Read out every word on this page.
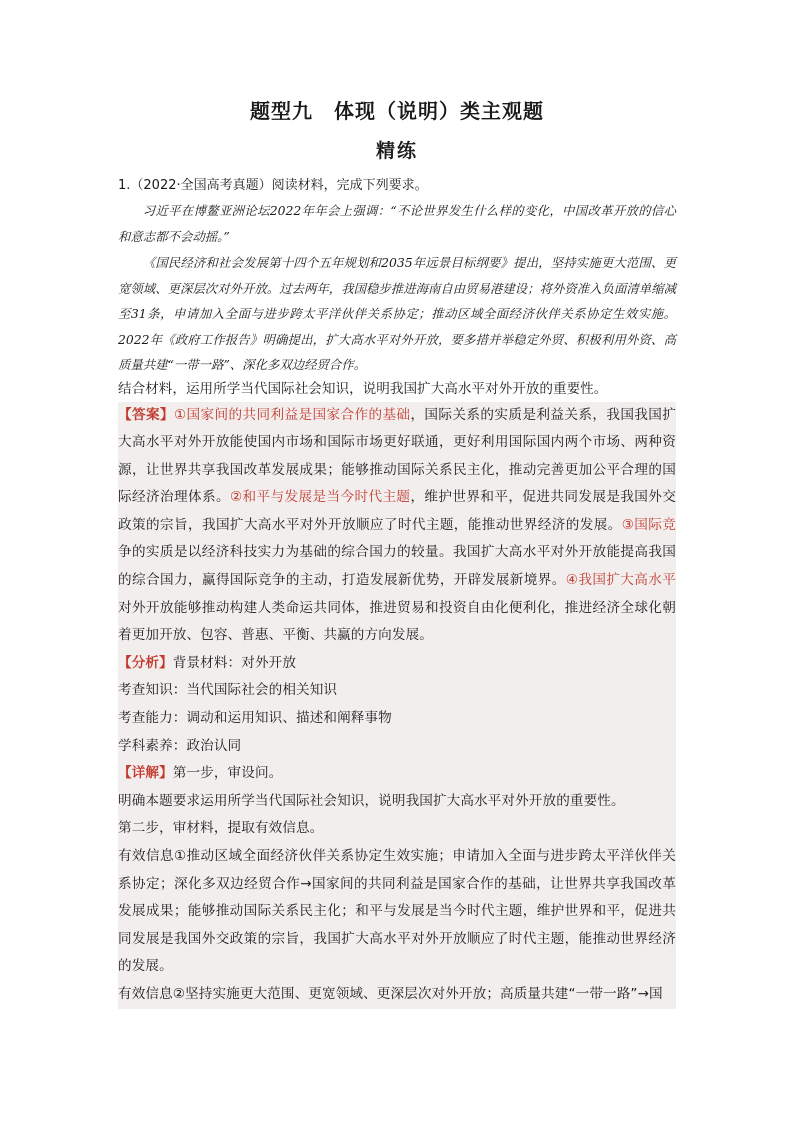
题型九　体现（说明）类主观题
精练
1.（2022·全国高考真题）阅读材料，完成下列要求。

习近平在博鳌亚洲论坛2022年年会上强调：“不论世界发生什么样的变化，中国改革开放的信心和意志都不会动摇。”

《国民经济和社会发展第十四个五年规划和2035年远景目标纲要》提出，坚持实施更大范围、更宽领域、更深层次对外开放。过去两年，我国稳步推进海南自由贸易港建设；将外资准入负面清单缩减至31条，申请加入全面与进步跨太平洋伙伴关系协定；推动区域全面经济伙伴关系协定生效实施。2022年《政府工作报告》明确提出，扩大高水平对外开放，要多措并举稳定外贸、积极利用外资、高质量共建“一带一路”、深化多双边经贸合作。

结合材料，运用所学当代国际社会知识，说明我国扩大高水平对外开放的重要性。

【答案】①国家间的共同利益是国家合作的基础，国际关系的实质是利益关系，我国我国扩大高水平对外开放能使国内市场和国际市场更好联通，更好利用国际国内两个市场、两种资源，让世界共享我国改革发展成果；能够推动国际关系民主化，推动完善更加公平合理的国际经济治理体系。②和平与发展是当今时代主题，维护世界和平，促进共同发展是我国外交政策的宗旨，我国扩大高水平对外开放顺应了时代主题，能推动世界经济的发展。③国际竞争的实质是以经济科技实力为基础的综合国力的较量。我国扩大高水平对外开放能提高我国的综合国力，赢得国际竞争的主动，打造发展新优势，开辟发展新境界。④我国扩大高水平对外开放能够推动构建人类命运共同体，推进贸易和投资自由化便利化，推进经济全球化朝着更加开放、包容、普惠、平衡、共赢的方向发展。

【分析】背景材料：对外开放

考查知识：当代国际社会的相关知识

考查能力：调动和运用知识、描述和阐释事物

学科素养：政治认同

【详解】第一步，审设问。

明确本题要求运用所学当代国际社会知识，说明我国扩大高水平对外开放的重要性。

第二步，审材料，提取有效信息。

有效信息①推动区域全面经济伙伴关系协定生效实施；申请加入全面与进步跨太平洋伙伴关系协定；深化多双边经贸合作→国家间的共同利益是国家合作的基础，让世界共享我国改革发展成果；能够推动国际关系民主化；和平与发展是当今时代主题，维护世界和平，促进共同发展是我国外交政策的宗旨，我国扩大高水平对外开放顺应了时代主题，能推动世界经济的发展。

有效信息②坚持实施更大范围、更宽领域、更深层次对外开放；高质量共建“一带一路”→国
